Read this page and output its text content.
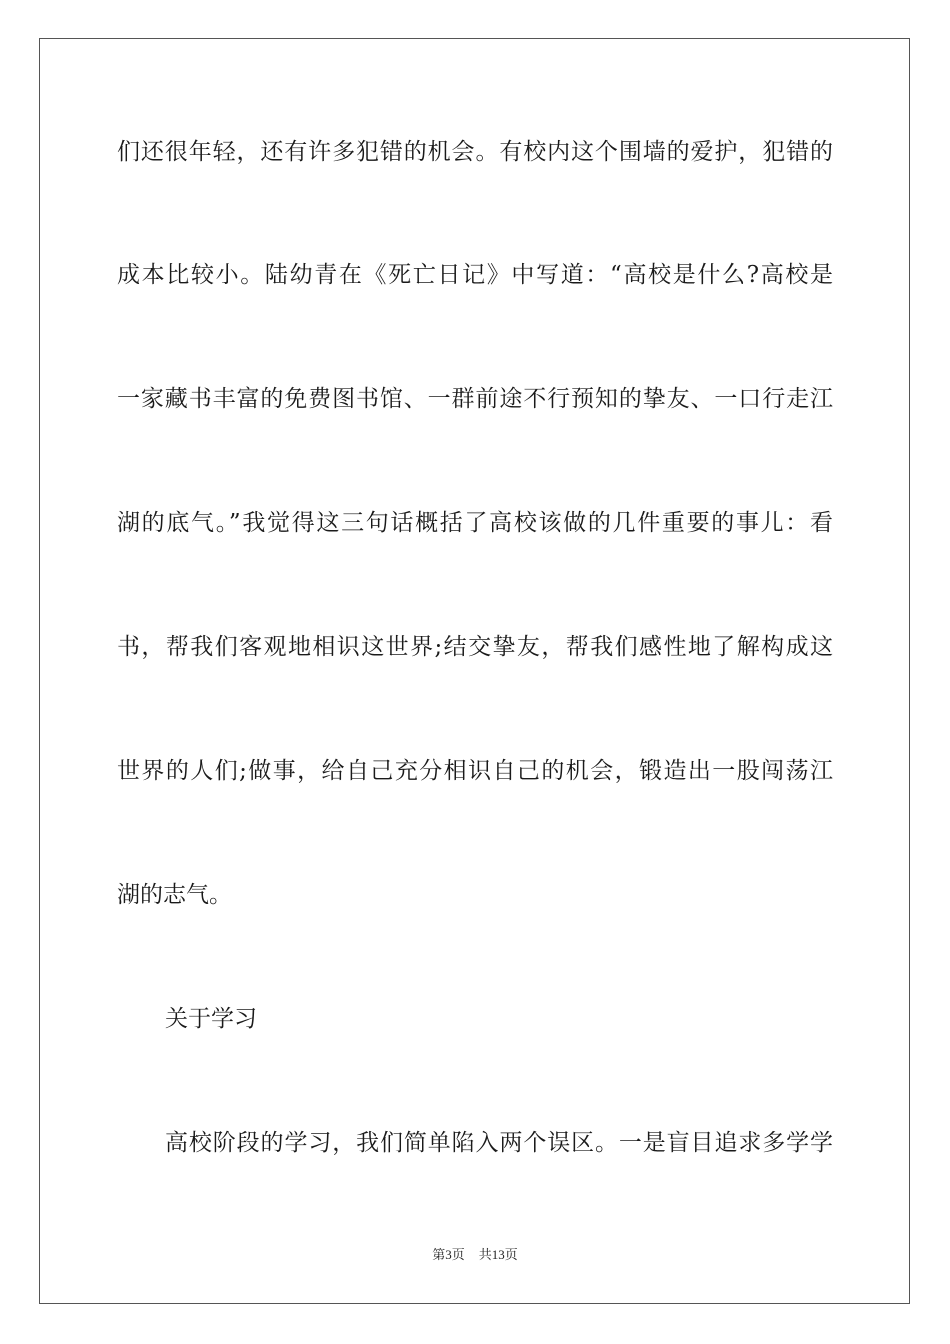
们还很年轻，还有许多犯错的机会。有校内这个围墙的爱护，犯错的
成本比较小。陆幼青在《死亡日记》中写道：“高校是什么?高校是
一家藏书丰富的免费图书馆、一群前途不行预知的挚友、一口行走江
湖的底气。”我觉得这三句话概括了高校该做的几件重要的事儿：看
书，帮我们客观地相识这世界;结交挚友，帮我们感性地了解构成这
世界的人们;做事，给自己充分相识自己的机会，锻造出一股闯荡江
湖的志气。
关于学习
高校阶段的学习，我们简单陷入两个误区。一是盲目追求多学学
第3页 共13页
